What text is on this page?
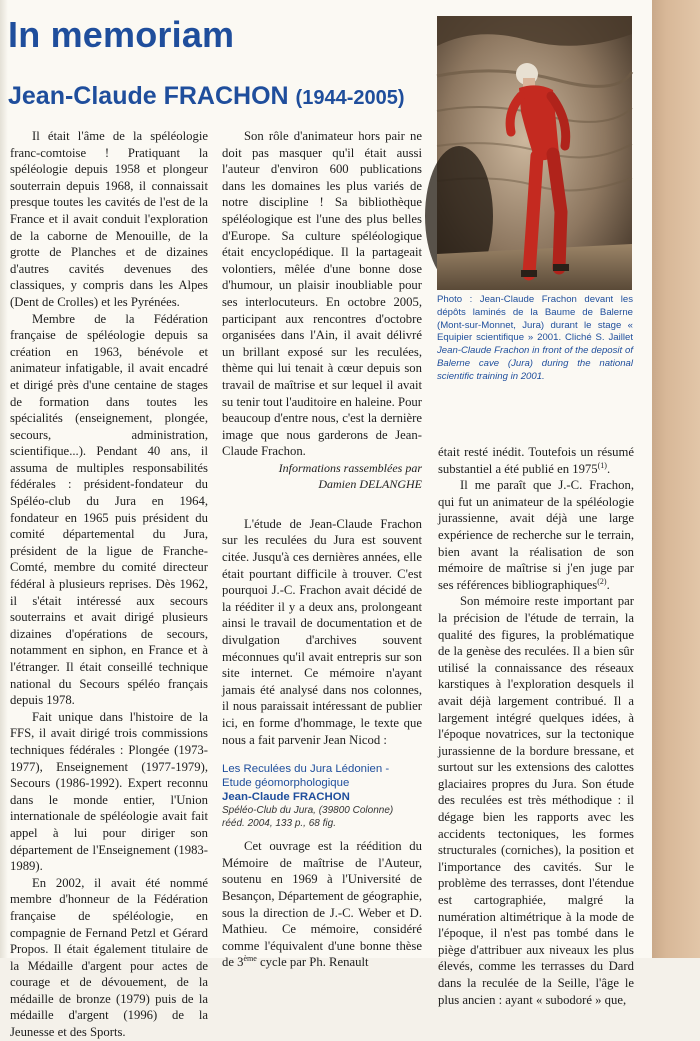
In memoriam
Jean-Claude FRACHON (1944-2005)

Il était l'âme de la spéléologie franc-comtoise ! Pratiquant la spéléologie depuis 1958 et plongeur souterrain depuis 1968, il connaissait presque toutes les cavités de l'est de la France et il avait conduit l'exploration de la caborne de Menouille, de la grotte de Planches et de dizaines d'autres cavités devenues des classiques, y compris dans les Alpes (Dent de Crolles) et les Pyrénées.

Membre de la Fédération française de spéléologie depuis sa création en 1963, bénévole et animateur infatigable, il avait encadré et dirigé près d'une centaine de stages de formation dans toutes les spécialités (enseignement, plongée, secours, administration, scientifique...). Pendant 40 ans, il assuma de multiples responsabilités fédérales : président-fondateur du Spéléo-club du Jura en 1964, fondateur en 1965 puis président du comité départemental du Jura, président de la ligue de Franche-Comté, membre du comité directeur fédéral à plusieurs reprises. Dès 1962, il s'était intéressé aux secours souterrains et avait dirigé plusieurs dizaines d'opérations de secours, notamment en siphon, en France et à l'étranger. Il était conseillé technique national du Secours spéléo français depuis 1978.

Fait unique dans l'histoire de la FFS, il avait dirigé trois commissions techniques fédérales : Plongée (1973-1977), Enseignement (1977-1979), Secours (1986-1992). Expert reconnu dans le monde entier, l'Union internationale de spéléologie avait fait appel à lui pour diriger son département de l'Enseignement (1983-1989).

En 2002, il avait été nommé membre d'honneur de la Fédération française de spéléologie, en compagnie de Fernand Petzl et Gérard Propos. Il était également titulaire de la Médaille d'argent pour actes de courage et de dévouement, de la médaille de bronze (1979) puis de la médaille d'argent (1996) de la Jeunesse et des Sports.

Son rôle d'animateur hors pair ne doit pas masquer qu'il était aussi l'auteur d'environ 600 publications dans les domaines les plus variés de notre discipline ! Sa bibliothèque spéléologique est l'une des plus belles d'Europe. Sa culture spéléologique était encyclopédique. Il la partageait volontiers, mêlée d'une bonne dose d'humour, un plaisir inoubliable pour ses interlocuteurs. En octobre 2005, participant aux rencontres d'octobre organisées dans l'Ain, il avait délivré un brillant exposé sur les reculées, thème qui lui tenait à cœur depuis son travail de maîtrise et sur lequel il avait su tenir tout l'auditoire en haleine. Pour beaucoup d'entre nous, c'est la dernière image que nous garderons de Jean-Claude Frachon.

Informations rassemblées par
Damien DELANGHE

L'étude de Jean-Claude Frachon sur les reculées du Jura est souvent citée. Jusqu'à ces dernières années, elle était pourtant difficile à trouver. C'est pourquoi J.-C. Frachon avait décidé de la rééditer il y a deux ans, prolongeant ainsi le travail de documentation et de divulgation d'archives souvent méconnues qu'il avait entrepris sur son site internet. Ce mémoire n'ayant jamais été analysé dans nos colonnes, il nous paraissait intéressant de publier ici, en forme d'hommage, le texte que nous a fait parvenir Jean Nicod :

Les Reculées du Jura Lédonien - Etude géomorphologique
Jean-Claude FRACHON
Spéléo-Club du Jura, (39800 Colonne)
rééd. 2004, 133 p., 68 fig.

Cet ouvrage est la réédition du Mémoire de maîtrise de l'Auteur, soutenu en 1969 à l'Université de Besançon, Département de géographie, sous la direction de J.-C. Weber et D. Mathieu. Ce mémoire, considéré comme l'équivalent d'une bonne thèse de 3ème cycle par Ph. Renault

Photo : Jean-Claude Frachon devant les dépôts laminés de la Baume de Balerne (Mont-sur-Monnet, Jura) durant le stage « Equipier scientifique » 2001. Cliché S. Jaillet Jean-Claude Frachon in front of the deposit of Balerne cave (Jura) during the national scientific training in 2001.

était resté inédit. Toutefois un résumé substantiel a été publié en 1975$^{(1)}$.

Il me paraît que J.-C. Frachon, qui fut un animateur de la spéléologie jurassienne, avait déjà une large expérience de recherche sur le terrain, bien avant la réalisation de son mémoire de maîtrise si j'en juge par ses références bibliographiques$^{(2)}$.

Son mémoire reste important par la précision de l'étude de terrain, la qualité des figures, la problématique de la genèse des reculées. Il a bien sûr utilisé la connaissance des réseaux karstiques à l'exploration desquels il avait déjà largement contribué. Il a largement intégré quelques idées, à l'époque novatrices, sur la tectonique jurassienne de la bordure bressane, et surtout sur les extensions des calottes glaciaires propres du Jura. Son étude des reculées est très méthodique : il dégage bien les rapports avec les accidents tectoniques, les formes structurales (corniches), la position et l'importance des cavités. Sur le problème des terrasses, dont l'étendue est cartographiée, malgré la numération altimétrique à la mode de l'époque, il n'est pas tombé dans le piège d'attribuer aux niveaux les plus élevés, comme les terrasses du Dard dans la reculée de la Seille, l'âge le plus ancien : ayant « subodoré » que,
